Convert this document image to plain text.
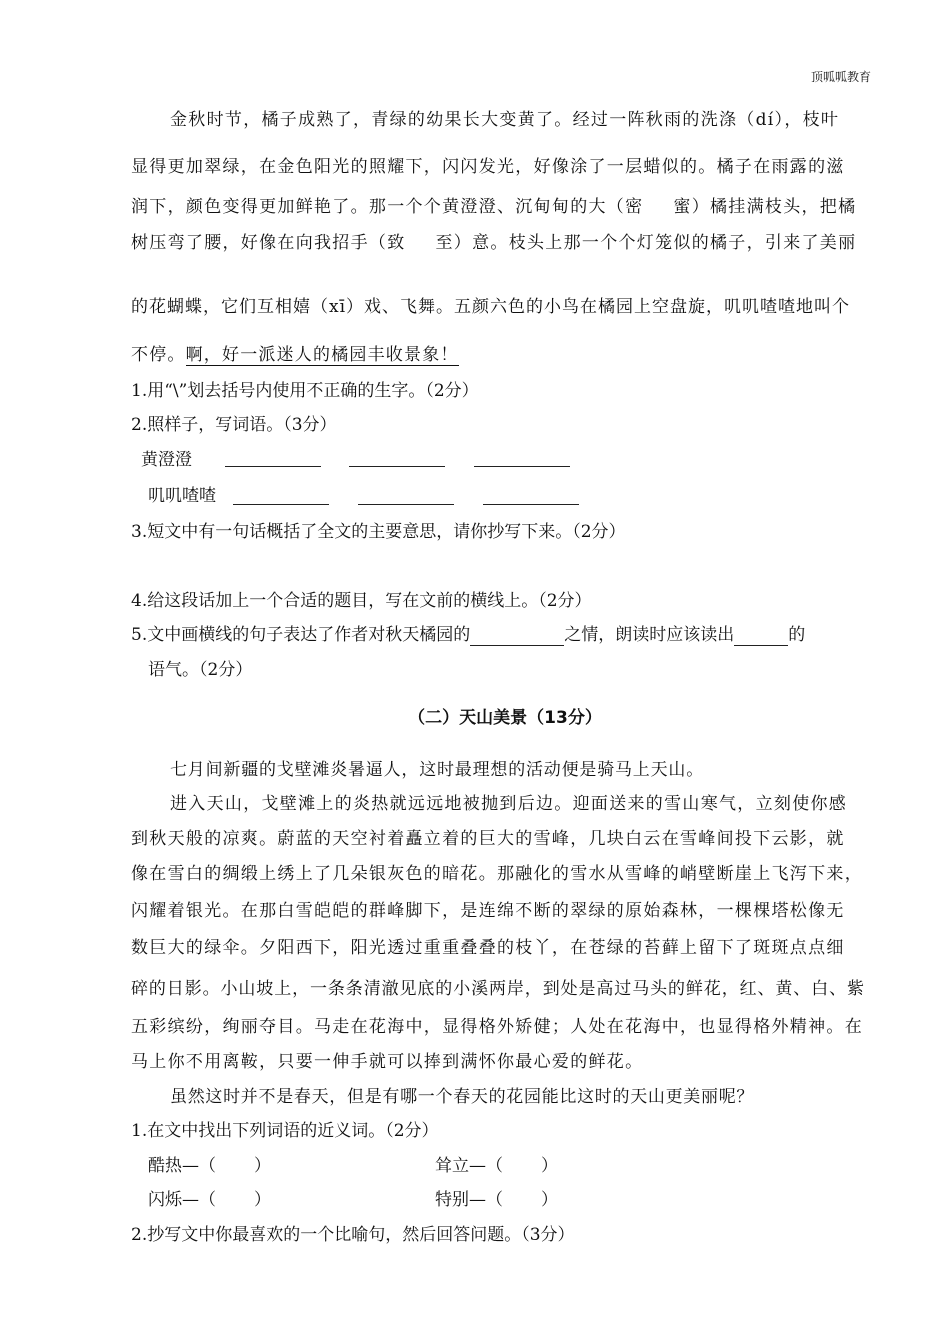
顶呱呱教育
金秋时节，橘子成熟了，青绿的幼果长大变黄了。经过一阵秋雨的洗涤（dí），枝叶
显得更加翠绿，在金色阳光的照耀下，闪闪发光，好像涂了一层蜡似的。橘子在雨露的滋
润下，颜色变得更加鲜艳了。那一个个黄澄澄、沉甸甸的大（密 蜜）橘挂满枝头，把橘
树压弯了腰，好像在向我招手（致 至）意。枝头上那一个个灯笼似的橘子，引来了美丽
的花蝴蝶，它们互相嬉（xī）戏、飞舞。五颜六色的小鸟在橘园上空盘旋，叽叽喳喳地叫个
不停。啊，好一派迷人的橘园丰收景象！
1.用“\”划去括号内使用不正确的生字。（2分）
2.照样子，写词语。（3分）
黄澄澄
叽叽喳喳
3.短文中有一句话概括了全文的主要意思，请你抄写下来。（2分）
4.给这段话加上一个合适的题目，写在文前的横线上。（2分）
5.文中画横线的句子表达了作者对秋天橘园的	之情，朗读时应该读出	的
语气。（2分）
（二）天山美景（13分）
七月间新疆的戈壁滩炎暑逼人，这时最理想的活动便是骑马上天山。
进入天山，戈壁滩上的炎热就远远地被抛到后边。迎面送来的雪山寒气，立刻使你感
到秋天般的凉爽。蔚蓝的天空衬着矗立着的巨大的雪峰，几块白云在雪峰间投下云影，就
像在雪白的绸缎上绣上了几朵银灰色的暗花。那融化的雪水从雪峰的峭壁断崖上飞泻下来，
闪耀着银光。在那白雪皑皑的群峰脚下，是连绵不断的翠绿的原始森林，一棵棵塔松像无
数巨大的绿伞。夕阳西下，阳光透过重重叠叠的枝丫，在苍绿的苔藓上留下了斑斑点点细
碎的日影。小山坡上，一条条清澈见底的小溪两岸，到处是高过马头的鲜花，红、黄、白、紫
五彩缤纷，绚丽夺目。马走在花海中，显得格外矫健；人处在花海中，也显得格外精神。在
马上你不用离鞍，只要一伸手就可以捧到满怀你最心爱的鲜花。
虽然这时并不是春天，但是有哪一个春天的花园能比这时的天山更美丽呢？
1.在文中找出下列词语的近义词。（2分）
酷热—（ ）	耸立—（ ）
闪烁—（ ）	特别—（ ）
2.抄写文中你最喜欢的一个比喻句，然后回答问题。（3分）
